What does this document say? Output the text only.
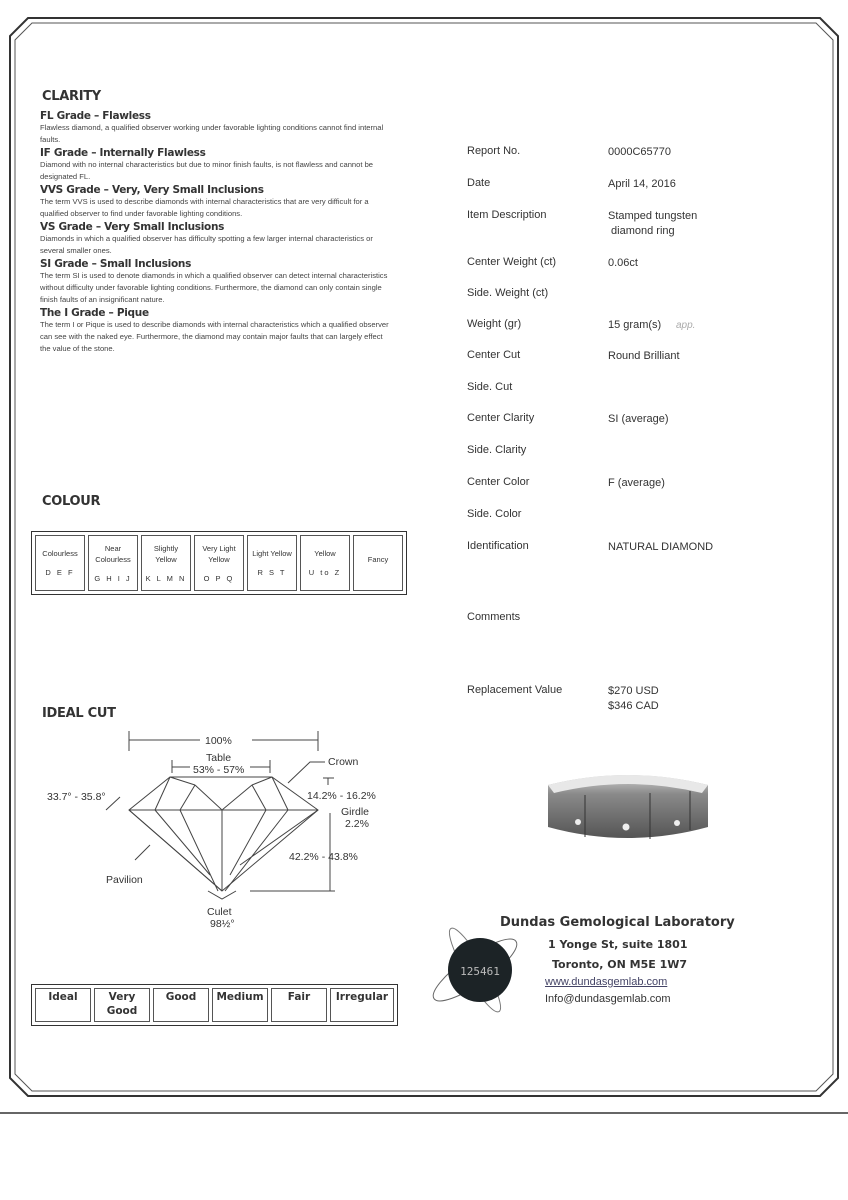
CLARITY
FL Grade – Flawless
Flawless diamond, a qualified observer working under favorable lighting conditions cannot find internal faults.
IF Grade – Internally Flawless
Diamond with no internal characteristics but due to minor finish faults, is not flawless and cannot be designated FL.
VVS Grade – Very, Very Small Inclusions
The term VVS is used to describe diamonds with internal characteristics that are very difficult for a qualified observer to find under favorable lighting conditions.
VS Grade – Very Small Inclusions
Diamonds in which a qualified observer has difficulty spotting a few larger internal characteristics or several smaller ones.
SI Grade – Small Inclusions
The term SI is used to denote diamonds in which a qualified observer can detect internal characteristics without difficulty under favorable lighting conditions. Furthermore, the diamond can only contain single finish faults of an insignificant nature.
The I Grade – Pique
The term I or Pique is used to describe diamonds with internal characteristics which a qualified observer can see with the naked eye. Furthermore, the diamond may contain major faults that can largely effect the value of the stone.
COLOUR
Colourless
D E F

Near Colourless
G H I J

Slightly Yellow
K L M N

Very Light Yellow
O P Q

Light Yellow
R S T

Yellow
U to Z

Fancy
IDEAL CUT
100%
Table
53% - 57%
Crown
14.2% - 16.2%
33.7° - 35.8°
Girdle
2.2%
42.2% - 43.8%
Pavilion
Culet
98½°
Ideal	Very Good	Good	Medium	Fair	Irregular
Report No.	0000C65770
Date	April 14, 2016
Item Description	Stamped tungsten
diamond ring
Center Weight (ct)	0.06ct
Side. Weight (ct)
Weight (gr)	15 gram(s)	app.
Center Cut	Round Brilliant
Side. Cut
Center Clarity	SI (average)
Side. Clarity
Center Color	F (average)
Side. Color
Identification	NATURAL DIAMOND
Comments
Replacement Value	$270 USD
$346 CAD
125461
Dundas Gemological Laboratory
1 Yonge St, suite 1801
Toronto, ON M5E 1W7
www.dundasgemlab.com
Info@dundasgemlab.com
